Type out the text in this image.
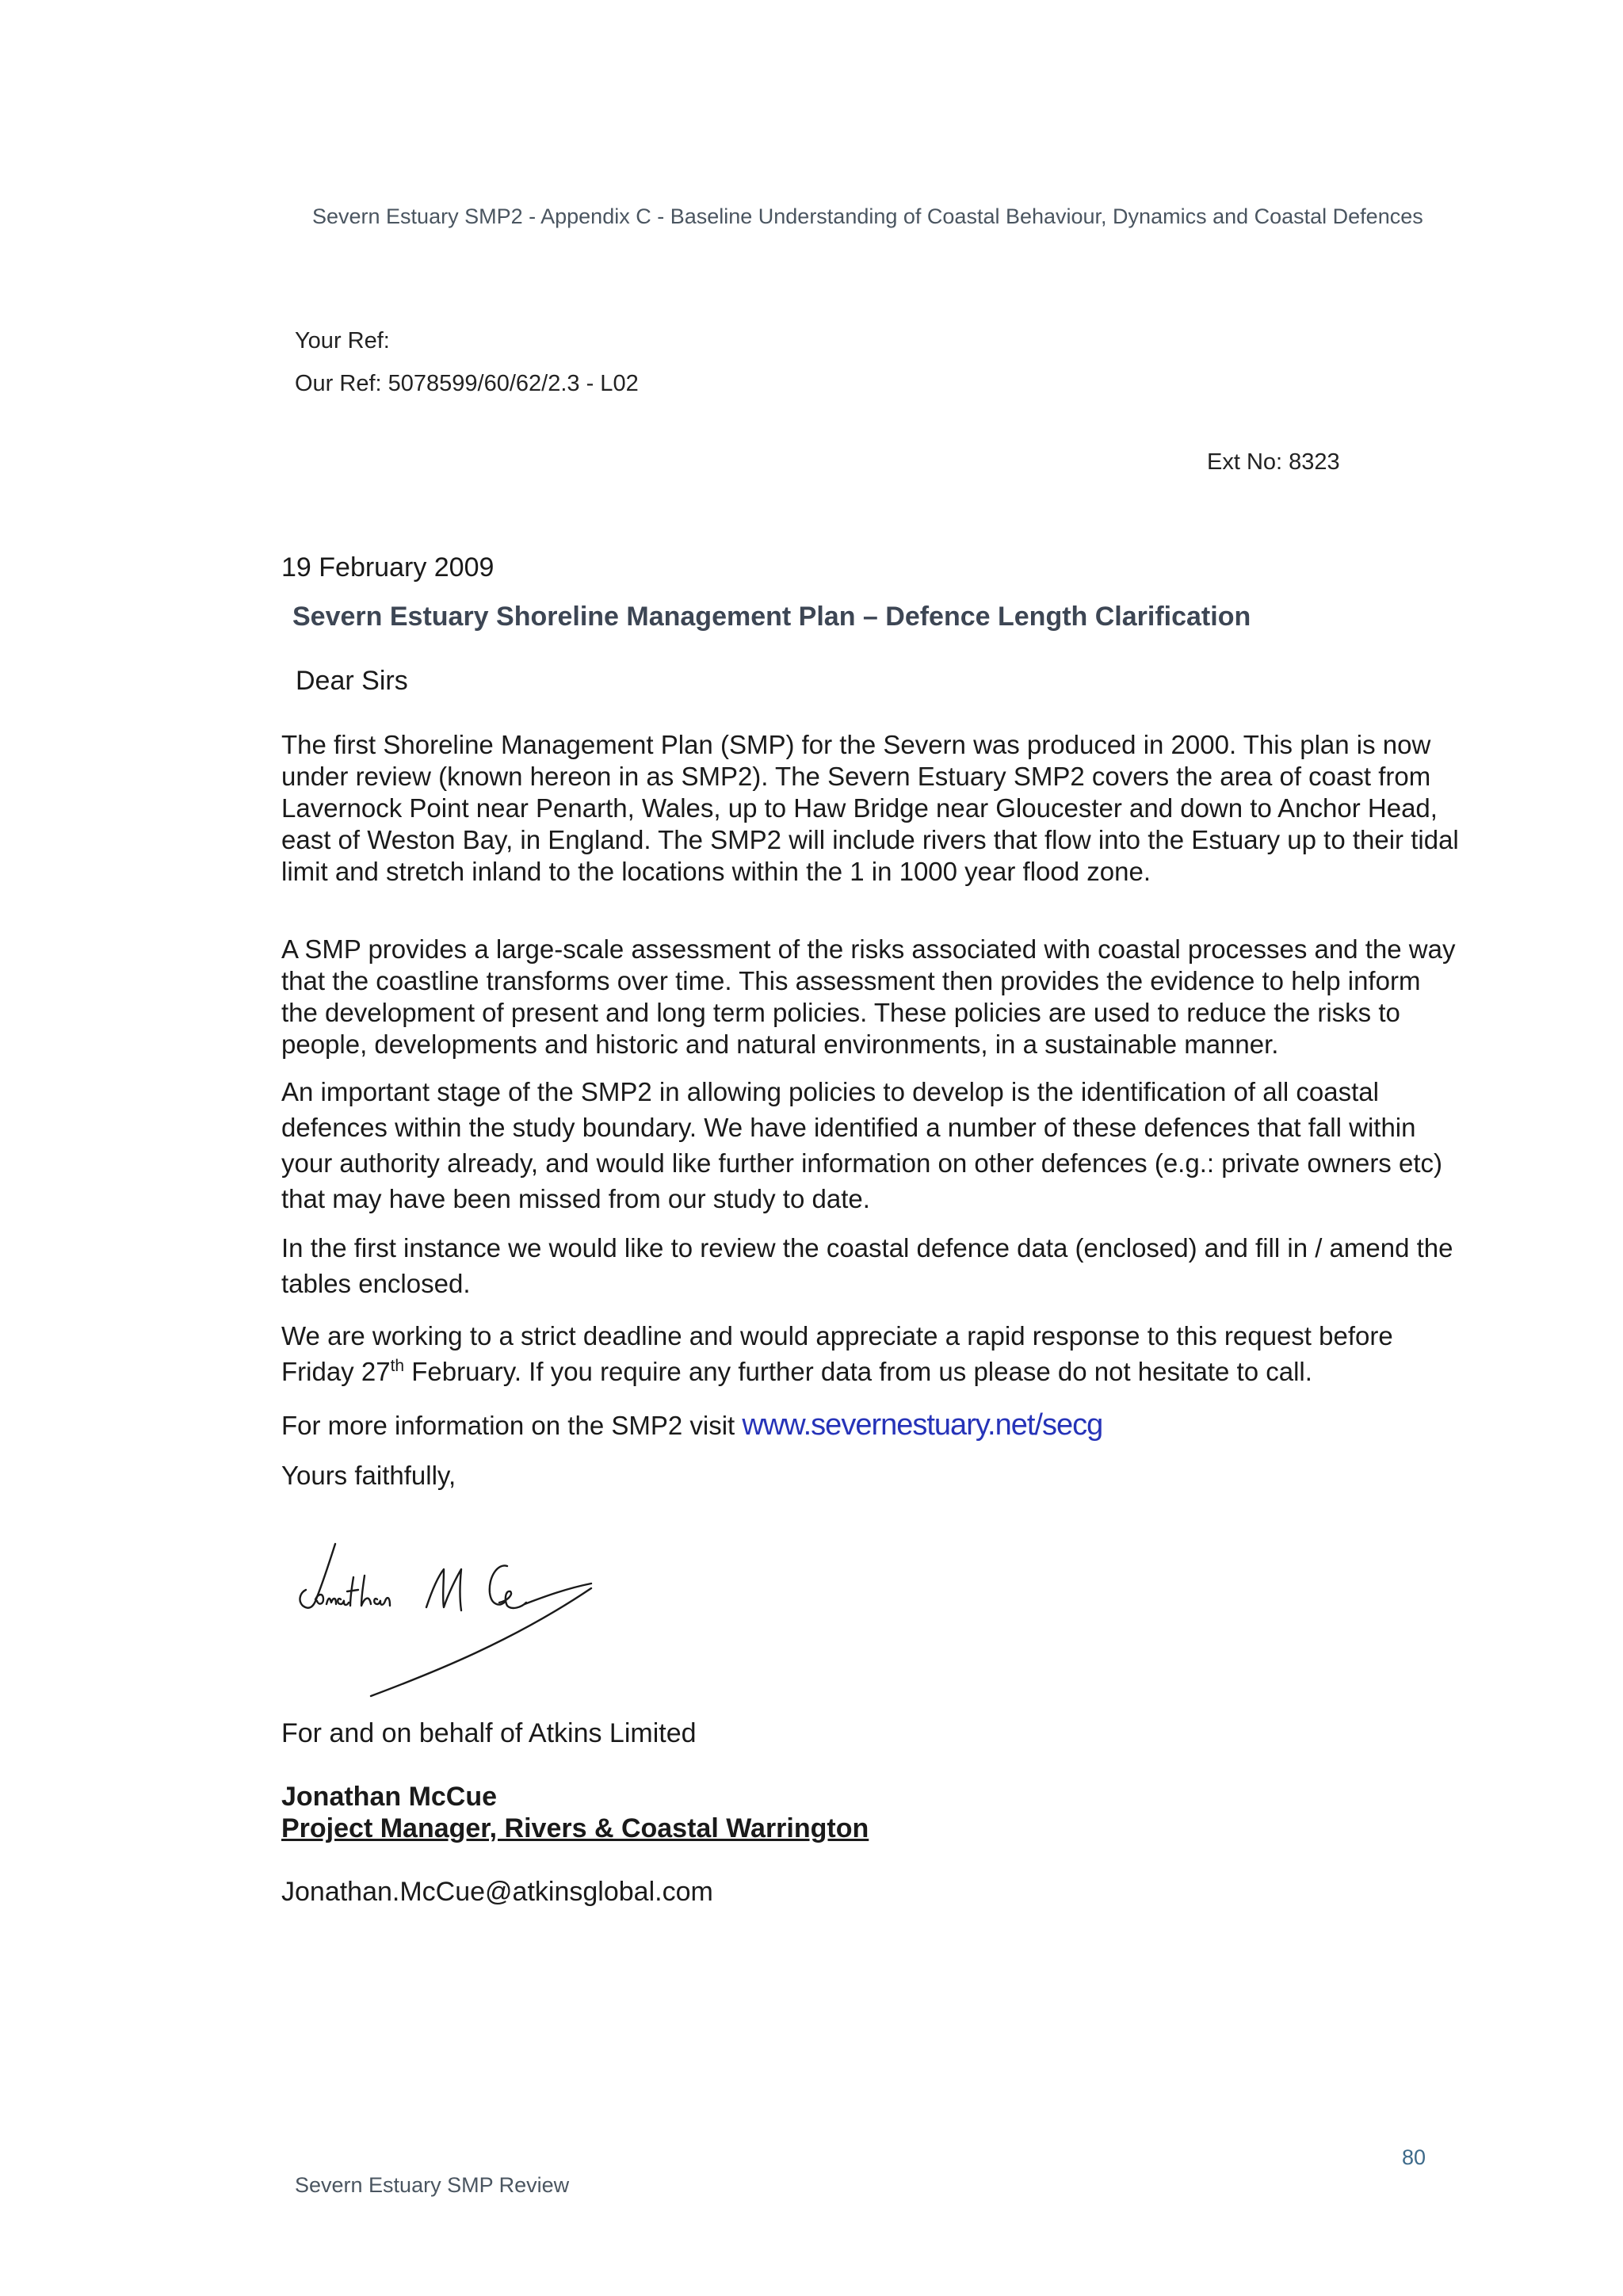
Severn Estuary SMP2 - Appendix C - Baseline Understanding of Coastal Behaviour, Dynamics and Coastal Defences

Your Ref:

Our Ref: 5078599/60/62/2.3 - L02

Ext No: 8323

19 February 2009

Severn Estuary Shoreline Management Plan – Defence Length Clarification

Dear Sirs

The first Shoreline Management Plan (SMP) for the Severn was produced in 2000. This plan is now under review (known hereon in as SMP2). The Severn Estuary SMP2 covers the area of coast from Lavernock Point near Penarth, Wales, up to Haw Bridge near Gloucester and down to Anchor Head, east of Weston Bay, in England. The SMP2 will include rivers that flow into the Estuary up to their tidal limit and stretch inland to the locations within the 1 in 1000 year flood zone.

A SMP provides a large-scale assessment of the risks associated with coastal processes and the way that the coastline transforms over time. This assessment then provides the evidence to help inform the development of present and long term policies. These policies are used to reduce the risks to people, developments and historic and natural environments, in a sustainable manner.

An important stage of the SMP2 in allowing policies to develop is the identification of all coastal defences within the study boundary. We have identified a number of these defences that fall within your authority already, and would like further information on other defences (e.g.: private owners etc) that may have been missed from our study to date.

In the first instance we would like to review the coastal defence data (enclosed) and fill in / amend the tables enclosed.

We are working to a strict deadline and would appreciate a rapid response to this request before Friday 27th February. If you require any further data from us please do not hesitate to call.

For more information on the SMP2 visit www.severnestuary.net/secg

Yours faithfully,

Jonathan McCue

For and on behalf of Atkins Limited

Jonathan McCue

Project Manager, Rivers & Coastal Warrington

Jonathan.McCue@atkinsglobal.com

80

Severn Estuary SMP Review
